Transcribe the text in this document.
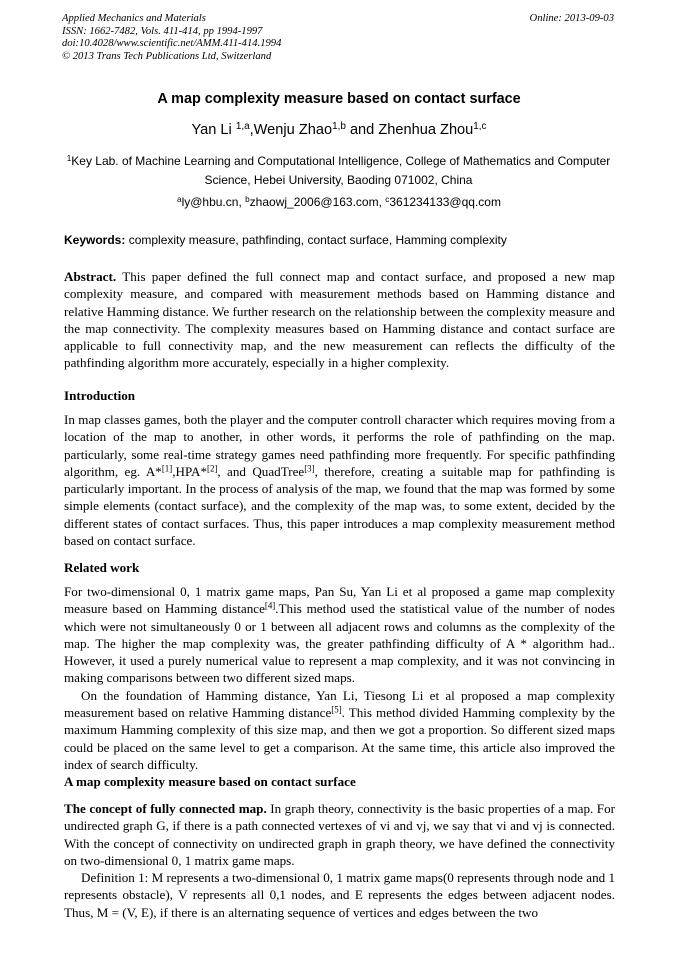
Applied Mechanics and Materials
ISSN: 1662-7482, Vols. 411-414, pp 1994-1997
doi:10.4028/www.scientific.net/AMM.411-414.1994
© 2013 Trans Tech Publications Ltd, Switzerland
Online: 2013-09-03
A map complexity measure based on contact surface
Yan Li $^{1,a}$,Wenju Zhao$^{1,b}$ and Zhenhua Zhou$^{1,c}$
$^1$Key Lab. of Machine Learning and Computational Intelligence, College of Mathematics and Computer Science, Hebei University, Baoding 071002, China
$^a$ly@hbu.cn, $^b$zhaowj_2006@163.com, $^c$361234133@qq.com
Keywords: complexity measure, pathfinding, contact surface, Hamming complexity
Abstract. This paper defined the full connect map and contact surface, and proposed a new map complexity measure, and compared with measurement methods based on Hamming distance and relative Hamming distance. We further research on the relationship between the complexity measure and the map connectivity. The complexity measures based on Hamming distance and contact surface are applicable to full connectivity map, and the new measurement can reflects the difficulty of the pathfinding algorithm more accurately, especially in a higher complexity.
Introduction
In map classes games, both the player and the computer controll character which requires moving from a location of the map to another, in other words, it performs the role of pathfinding on the map. particularly, some real-time strategy games need pathfinding more frequently. For specific pathfinding algorithm, eg. A*[1],HPA*[2], and QuadTree[3], therefore, creating a suitable map for pathfinding is particularly important. In the process of analysis of the map, we found that the map was formed by some simple elements (contact surface), and the complexity of the map was, to some extent, decided by the different states of contact surfaces. Thus, this paper introduces a map complexity measurement method based on contact surface.
Related work

For two-dimensional 0, 1 matrix game maps, Pan Su, Yan Li et al proposed a game map complexity measure based on Hamming distance[4].This method used the statistical value of the number of nodes which were not simultaneously 0 or 1 between all adjacent rows and columns as the complexity of the map. The higher the map complexity was, the greater pathfinding difficulty of A * algorithm had.. However, it used a purely numerical value to represent a map complexity, and it was not convincing in making comparisons between two different sized maps.

On the foundation of Hamming distance, Yan Li, Tiesong Li et al proposed a map complexity measurement based on relative Hamming distance[5]. This method divided Hamming complexity by the maximum Hamming complexity of this size map, and then we got a proportion. So different sized maps could be placed on the same level to get a comparison. At the same time, this article also improved the index of search difficulty.

A map complexity measure based on contact surface

The concept of fully connected map. In graph theory, connectivity is the basic properties of a map. For undirected graph G, if there is a path connected vertexes of vi and vj, we say that vi and vj is connected. With the concept of connectivity on undirected graph in graph theory, we have defined the connectivity on two-dimensional 0, 1 matrix game maps.

Definition 1: M represents a two-dimensional 0, 1 matrix game maps(0 represents through node and 1 represents obstacle), V represents all 0,1 nodes, and E represents the edges between adjacent nodes. Thus, M = (V, E), if there is an alternating sequence of vertices and edges between the two
